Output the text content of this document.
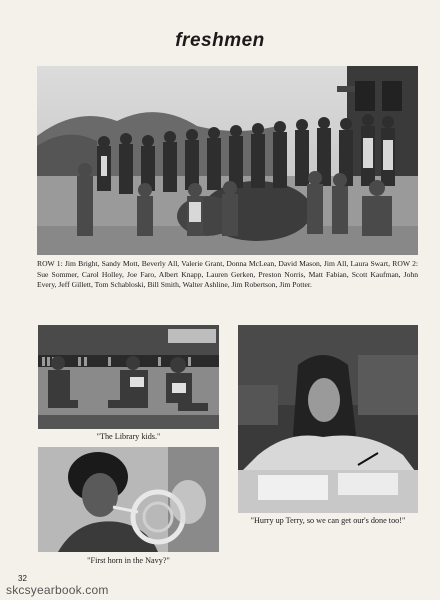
freshmen
ROW 1: Jim Bright, Sandy Mott, Beverly All, Valerie Grant, Donna McLean, David Mason, Jim All, Laura Swart, ROW 2: Sue Sommer, Carol Holley, Joe Faro, Albert Knapp, Lauren Gerken, Preston Norris, Matt Fabian, Scott Kaufman, John Every, Jeff Gillett, Tom Schabloski, Bill Smith, Walter Ashline, Jim Robertson, Jim Potter.
"The Library kids."
"First horn in the Navy?"
"Hurry up Terry, so we can get our's done too!"
32
skcsyearbook.com
